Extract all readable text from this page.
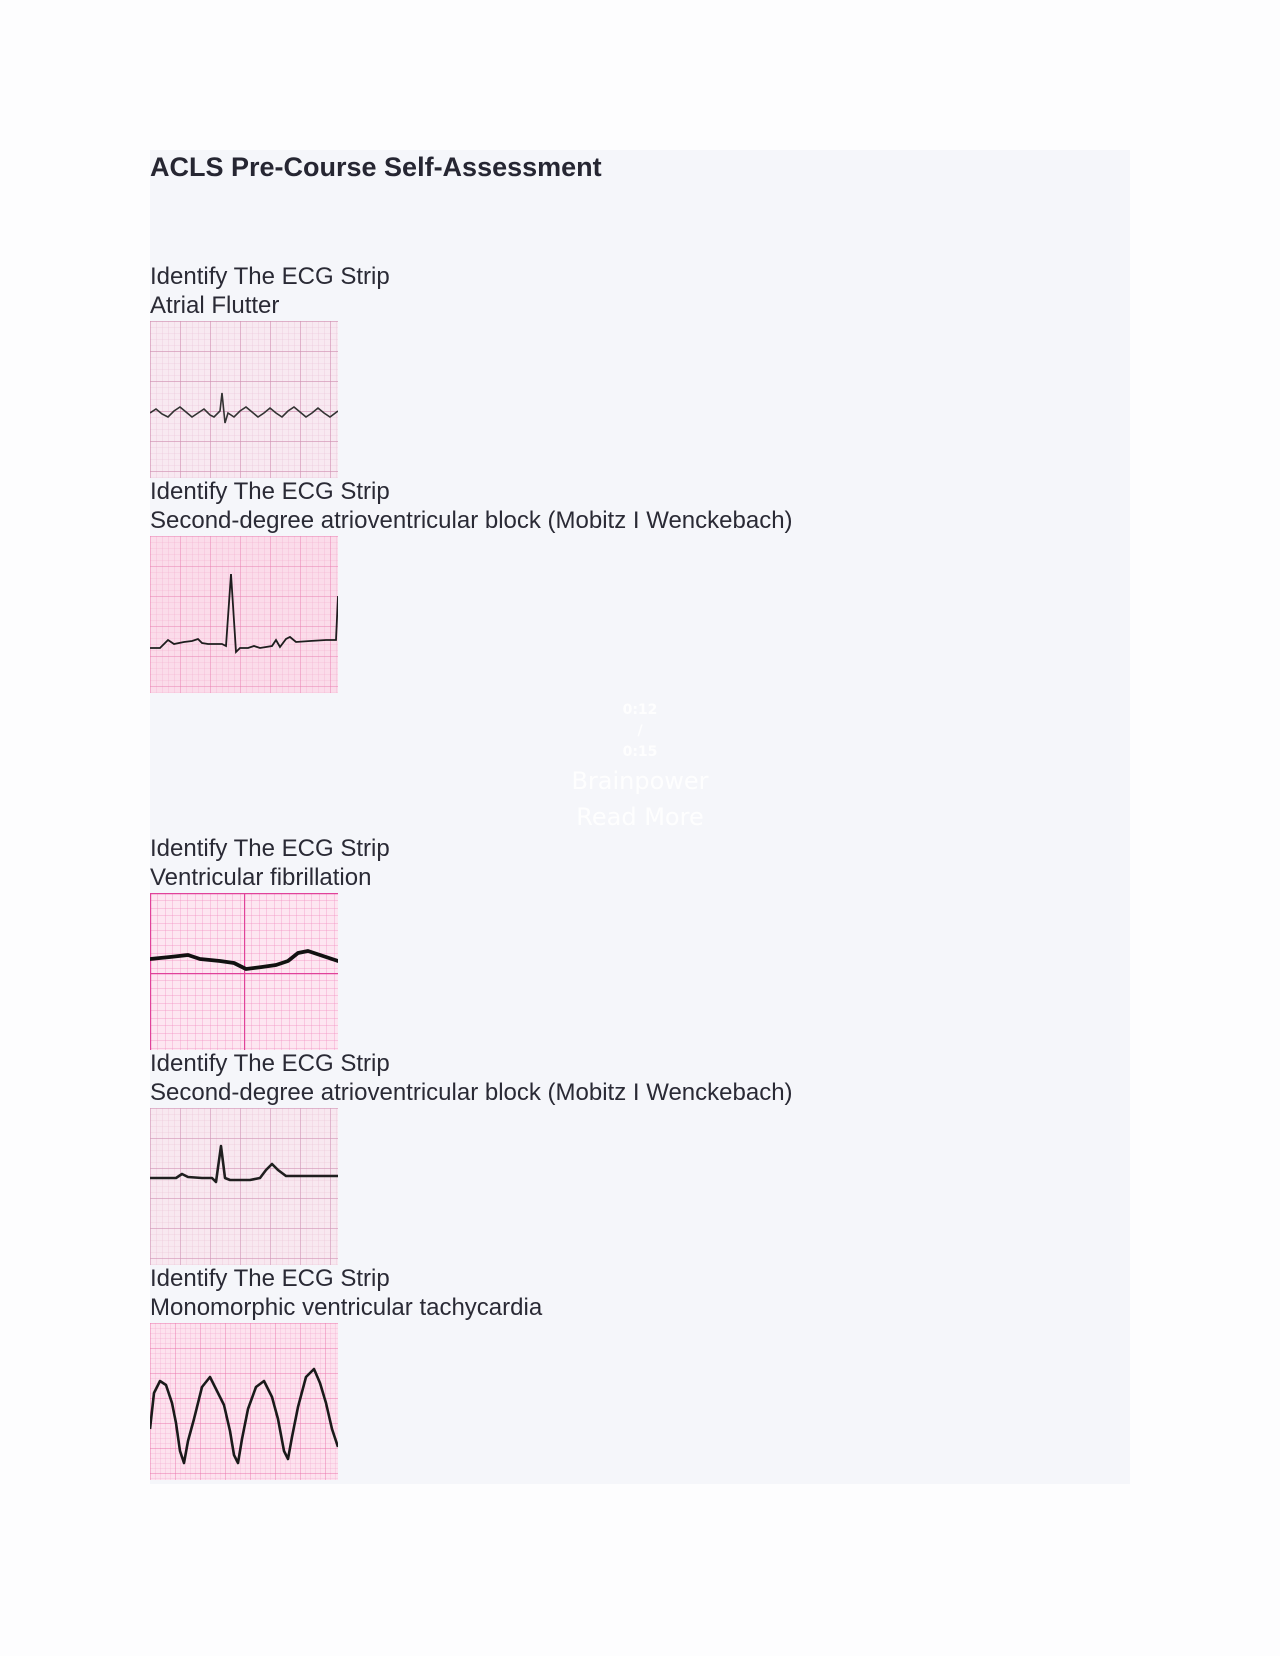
ACLS Pre-Course Self-Assessment
Identify The ECG Strip
Atrial Flutter
Identify The ECG Strip
Second-degree atrioventricular block (Mobitz I Wenckebach)
0:12
/
0:15
Brainpower
Read More
Identify The ECG Strip
Ventricular fibrillation
Identify The ECG Strip
Second-degree atrioventricular block (Mobitz I Wenckebach)
Identify The ECG Strip
Monomorphic ventricular tachycardia
